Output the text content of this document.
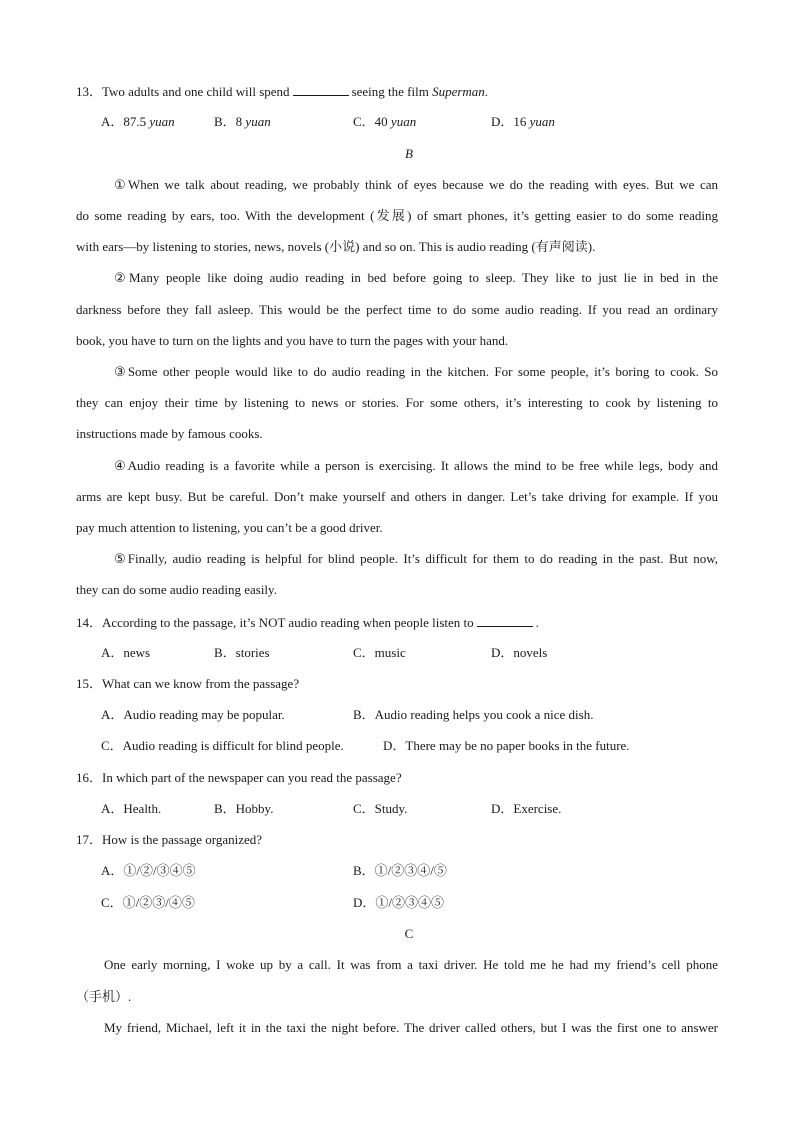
13．Two adults and one child will spend	seeing the film Superman.
A．87.5 yuan	B．8 yuan	C．40 yuan	D．16 yuan
B
①When we talk about reading, we probably think of eyes because we do the reading with eyes. But we can
do some reading by ears, too. With the development (发展) of smart phones, it’s getting easier to do some reading
with ears—by listening to stories, news, novels (小说) and so on. This is audio reading (有声阅读).
②Many people like doing audio reading in bed before going to sleep. They like to just lie in bed in the
darkness before they fall asleep. This would be the perfect time to do some audio reading. If you read an ordinary
book, you have to turn on the lights and you have to turn the pages with your hand.
③Some other people would like to do audio reading in the kitchen. For some people, it’s boring to cook. So
they can enjoy their time by listening to news or stories. For some others, it’s interesting to cook by listening to
instructions made by famous cooks.
④Audio reading is a favorite while a person is exercising. It allows the mind to be free while legs, body and
arms are kept busy. But be careful. Don’t make yourself and others in danger. Let’s take driving for example. If you
pay much attention to listening, you can’t be a good driver.
⑤Finally, audio reading is helpful for blind people. It’s difficult for them to do reading in the past. But now,
they can do some audio reading easily.
14．According to the passage, it’s NOT audio reading when people listen to	.
A．news	B．stories	C．music	D．novels
15．What can we know from the passage?
A．Audio reading may be popular.	B．Audio reading helps you cook a nice dish.
C．Audio reading is difficult for blind people.	D．There may be no paper books in the future.
16．In which part of the newspaper can you read the passage?
A．Health.	B．Hobby.	C．Study.	D．Exercise.
17．How is the passage organized?
A．①/②/③④⑤	B．①/②③④/⑤
C．①/②③/④⑤	D．①/②③④⑤
C
One early morning, I woke up by a call. It was from a taxi driver. He told me he had my friend’s cell phone
（手机）.
My friend, Michael, left it in the taxi the night before. The driver called others, but I was the first one to answer
